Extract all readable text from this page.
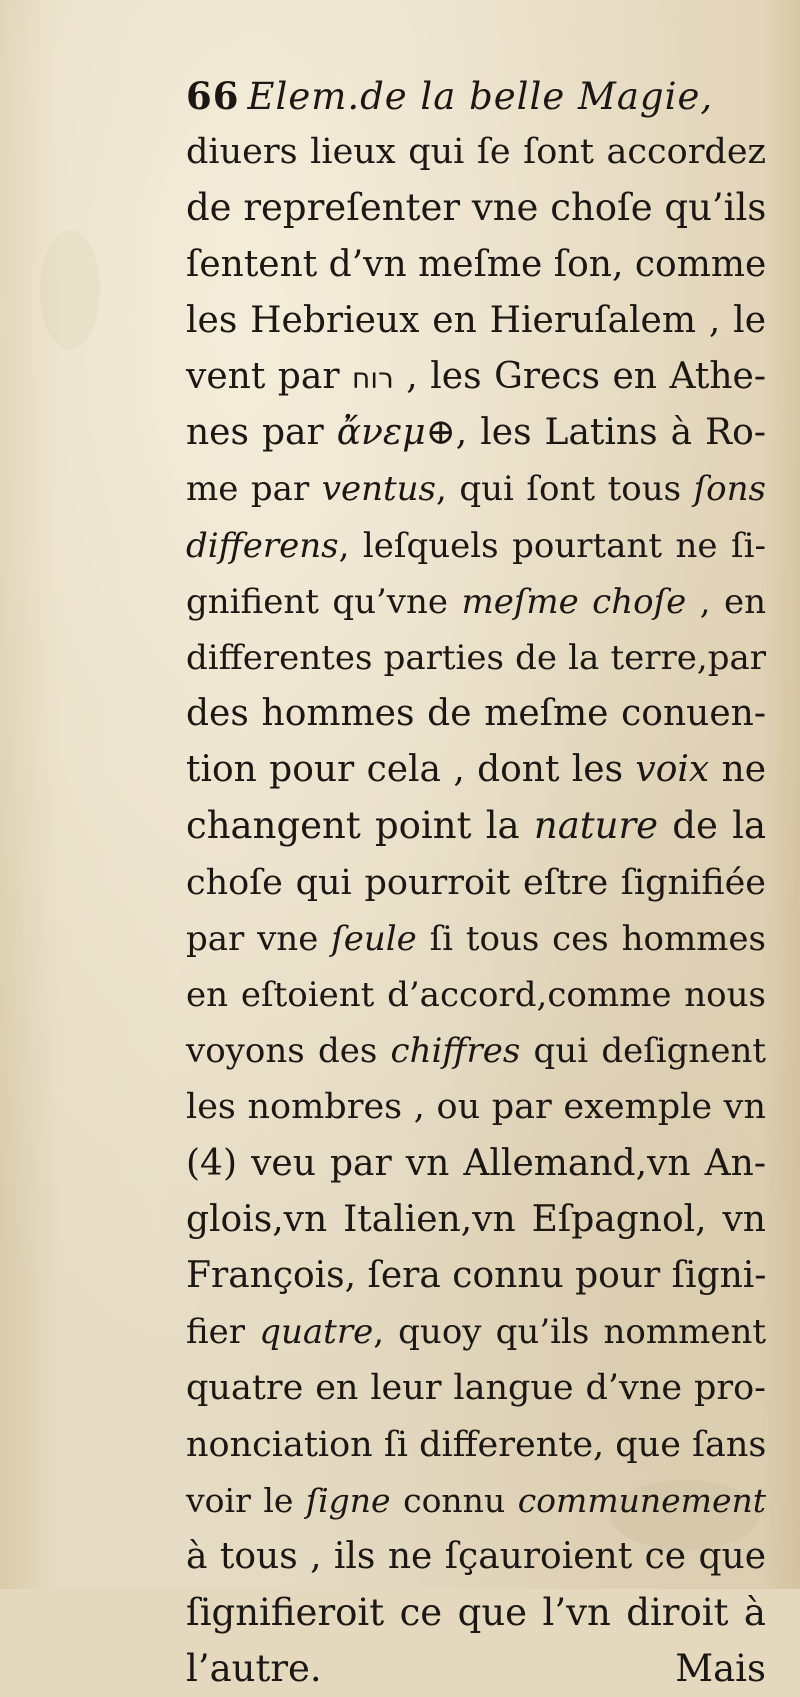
66 Elem.de la belle Magie,
diuers lieux qui ſe ſont accordez
de repreſenter vne choſe qu’ils
ſentent d’vn meſme ſon, comme
les Hebrieux en Hieruſalem , le
vent par רוח , les Grecs en Athe-
nes par ἄνεμ⊕, les Latins à Ro-
me par ventus, qui ſont tous ſons
differens, leſquels pourtant ne ſi-
gnifient qu’vne meſme choſe , en
differentes parties de la terre,par
des hommes de meſme conuen-
tion pour cela , dont les voix ne
changent point la nature de la
choſe qui pourroit eſtre ſignifiée
par vne ſeule ſi tous ces hommes
en eſtoient d’accord,comme nous
voyons des chiffres qui deſignent
les nombres , ou par exemple vn
(4) veu par vn Allemand,vn An-
glois,vn Italien,vn Eſpagnol, vn
François, ſera connu pour ſigni-
fier quatre, quoy qu’ils nomment
quatre en leur langue d’vne pro-
nonciation ſi differente, que ſans
voir le ſigne connu communement
à tous , ils ne ſçauroient ce que
ſignifieroit ce que l’vn diroit à
l’autre.	Mais
